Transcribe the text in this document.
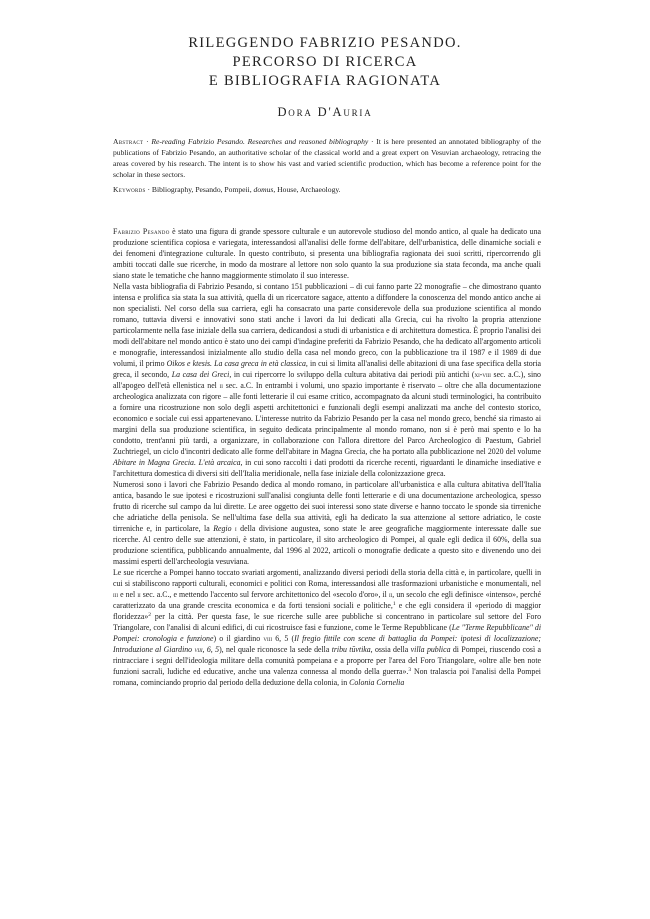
RILEGGENDO FABRIZIO PESANDO.
PERCORSO DI RICERCA
E BIBLIOGRAFIA RAGIONATA
Dora D'Auria

Abstract · Re-reading Fabrizio Pesando. Researches and reasoned bibliography · It is here presented an annotated bibliography of the publications of Fabrizio Pesando, an authoritative scholar of the classical world and a great expert on Vesuvian archaeology, retracing the areas covered by his research. The intent is to show his vast and varied scientific production, which has become a reference point for the scholar in these sectors.

Keywords · Bibliography, Pesando, Pompeii, domus, House, Archaeology.

Fabrizio Pesando è stato una figura di grande spessore culturale e un autorevole studioso del mondo antico, al quale ha dedicato una produzione scientifica copiosa e variegata, interessandosi all'analisi delle forme dell'abitare, dell'urbanistica, delle dinamiche sociali e dei fenomeni d'integrazione culturale. In questo contributo, si presenta una bibliografia ragionata dei suoi scritti, ripercorrendo gli ambiti toccati dalle sue ricerche, in modo da mostrare al lettore non solo quanto la sua produzione sia stata feconda, ma anche quali siano state le tematiche che hanno maggiormente stimolato il suo interesse.

Nella vasta bibliografia di Fabrizio Pesando, si contano 151 pubblicazioni – di cui fanno parte 22 monografie – che dimostrano quanto intensa e prolifica sia stata la sua attività, quella di un ricercatore sagace, attento a diffondere la conoscenza del mondo antico anche ai non specialisti. Nel corso della sua carriera, egli ha consacrato una parte considerevole della sua produzione scientifica al mondo romano, tuttavia diversi e innovativi sono stati anche i lavori da lui dedicati alla Grecia, cui ha rivolto la propria attenzione particolarmente nella fase iniziale della sua carriera, dedicandosi a studi di urbanistica e di architettura domestica. È proprio l'analisi dei modi dell'abitare nel mondo antico è stato uno dei campi d'indagine preferiti da Fabrizio Pesando, che ha dedicato all'argomento articoli e monografie, interessandosi inizialmente allo studio della casa nel mondo greco, con la pubblicazione tra il 1987 e il 1989 di due volumi, il primo Oikos e ktesis. La casa greca in età classica, in cui si limita all'analisi delle abitazioni di una fase specifica della storia greca, il secondo, La casa dei Greci, in cui ripercorre lo sviluppo della cultura abitativa dai periodi più antichi (xi-viii sec. a.C.), sino all'apogeo dell'età ellenistica nel ii sec. a.C. In entrambi i volumi, uno spazio importante è riservato – oltre che alla documentazione archeologica analizzata con rigore – alle fonti letterarie il cui esame critico, accompagnato da alcuni studi terminologici, ha contribuito a fornire una ricostruzione non solo degli aspetti architettonici e funzionali degli esempi analizzati ma anche del contesto storico, economico e sociale cui essi appartenevano. L'interesse nutrito da Fabrizio Pesando per la casa nel mondo greco, benché sia rimasto ai margini della sua produzione scientifica, in seguito dedicata principalmente al mondo romano, non si è però mai spento e lo ha condotto, trent'anni più tardi, a organizzare, in collaborazione con l'allora direttore del Parco Archeologico di Paestum, Gabriel Zuchtriegel, un ciclo d'incontri dedicato alle forme dell'abitare in Magna Grecia, che ha portato alla pubblicazione nel 2020 del volume Abitare in Magna Grecia. L'età arcaica, in cui sono raccolti i dati prodotti da ricerche recenti, riguardanti le dinamiche insediative e l'architettura domestica di diversi siti dell'Italia meridionale, nella fase iniziale della colonizzazione greca.

Numerosi sono i lavori che Fabrizio Pesando dedica al mondo romano, in particolare all'urbanistica e alla cultura abitativa dell'Italia antica, basando le sue ipotesi e ricostruzioni sull'analisi congiunta delle fonti letterarie e di una documentazione archeologica, spesso frutto di ricerche sul campo da lui dirette. Le aree oggetto dei suoi interessi sono state diverse e hanno toccato le sponde sia tirreniche che adriatiche della penisola. Se nell'ultima fase della sua attività, egli ha dedicato la sua attenzione al settore adriatico, le coste tirreniche e, in particolare, la Regio i della divisione augustea, sono state le aree geografiche maggiormente interessate dalle sue ricerche. Al centro delle sue attenzioni, è stato, in particolare, il sito archeologico di Pompei, al quale egli dedica il 60%, della sua produzione scientifica, pubblicando annualmente, dal 1996 al 2022, articoli o monografie dedicate a questo sito e divenendo uno dei massimi esperti dell'archeologia vesuviana.

Le sue ricerche a Pompei hanno toccato svariati argomenti, analizzando diversi periodi della storia della città e, in particolare, quelli in cui si stabiliscono rapporti culturali, economici e politici con Roma, interessandosi alle trasformazioni urbanistiche e monumentali, nel iii e nel ii sec. a.C., e mettendo l'accento sul fervore architettonico del «secolo d'oro», il ii, un secolo che egli definisce «intenso», perché caratterizzato da una grande crescita economica e da forti tensioni sociali e politiche,$^1$ e che egli considera il «periodo di maggior floridezza»$^2$ per la città. Per questa fase, le sue ricerche sulle aree pubbliche si concentrano in particolare sul settore del Foro Triangolare, con l'analisi di alcuni edifici, di cui ricostruisce fasi e funzione, come le Terme Repubblicane (Le "Terme Repubblicane" di Pompei: cronologia e funzione) o il giardino viii 6, 5 (Il fregio fittile con scene di battaglia da Pompei: ipotesi di localizzazione; Introduzione al Giardino viii, 6, 5), nel quale riconosce la sede della tribu tūvtika, ossia della villa publica di Pompei, riuscendo così a rintracciare i segni dell'ideologia militare della comunità pompeiana e a proporre per l'area del Foro Triangolare, «oltre alle ben note funzioni sacrali, ludiche ed educative, anche una valenza connessa al mondo della guerra».$^3$ Non tralascia poi l'analisi della Pompei romana, cominciando proprio dal periodo della deduzione della colonia, in Colonia Cornelia
